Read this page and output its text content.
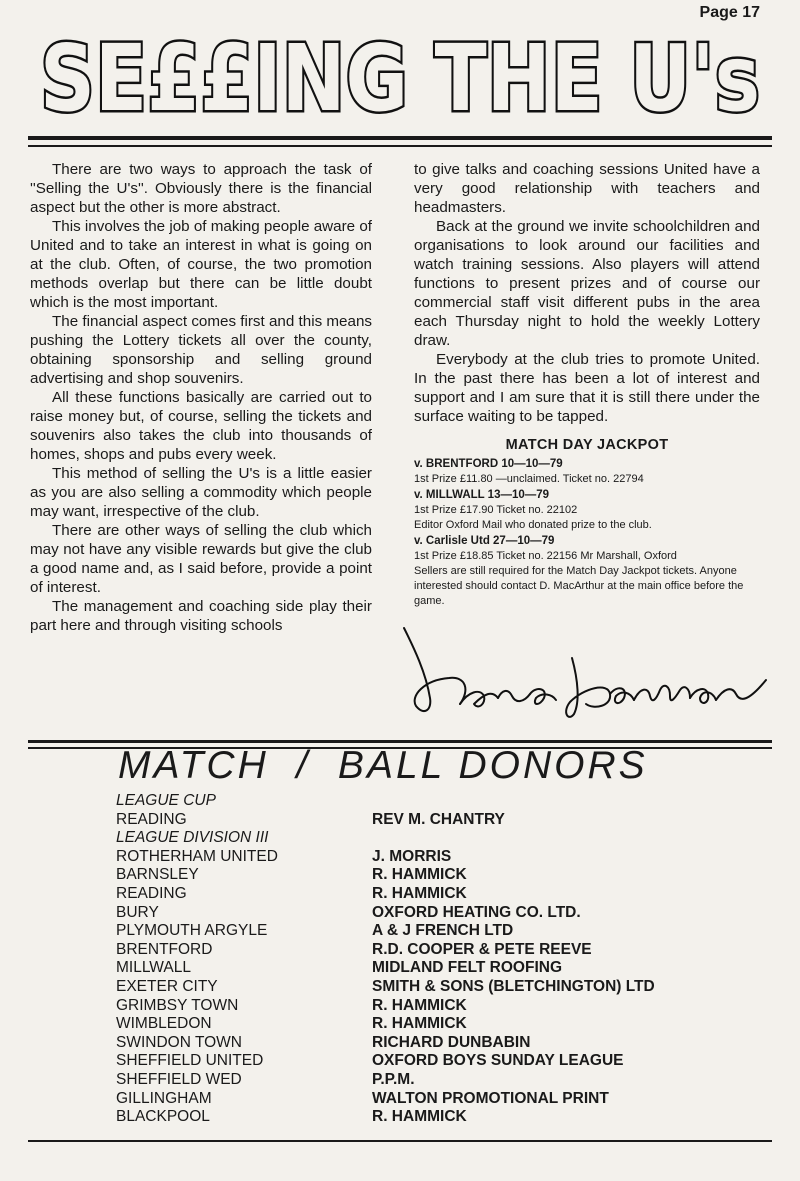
Page 17
SE££ING THE U's

There are two ways to approach the task of ''Selling the U's''. Obviously there is the financial aspect but the other is more abstract.

This involves the job of making people aware of United and to take an interest in what is going on at the club. Often, of course, the two promotion methods overlap but there can be little doubt which is the most important.

The financial aspect comes first and this means pushing the Lottery tickets all over the county, obtaining sponsorship and selling ground advertising and shop souvenirs.

All these functions basically are carried out to raise money but, of course, selling the tickets and souvenirs also takes the club into thousands of homes, shops and pubs every week.

This method of selling the U's is a little easier as you are also selling a commodity which people may want, irrespective of the club.

There are other ways of selling the club which may not have any visible rewards but give the club a good name and, as I said before, provide a point of interest.

The management and coaching side play their part here and through visiting schools

to give talks and coaching sessions United have a very good relationship with teachers and headmasters.

Back at the ground we invite schoolchildren and organisations to look around our facilities and watch training sessions. Also players will attend functions to present prizes and of course our commercial staff visit different pubs in the area each Thursday night to hold the weekly Lottery draw.

Everybody at the club tries to promote United. In the past there has been a lot of interest and support and I am sure that it is still there under the surface waiting to be tapped.

MATCH DAY JACKPOT
v. BRENTFORD 10—10—79
1st Prize £11.80 —unclaimed. Ticket no. 22794
v. MILLWALL 13—10—79
1st Prize £17.90 Ticket no. 22102
Editor Oxford Mail who donated prize to the club.
v. Carlisle Utd 27—10—79
1st Prize £18.85 Ticket no. 22156 Mr Marshall, Oxford
Sellers are still required for the Match Day Jackpot tickets. Anyone interested should contact D. MacArthur at the main office before the game.
MATCH  /  BALL DONORS
LEAGUE CUP
READING
LEAGUE DIVISION III
ROTHERHAM UNITED
BARNSLEY
READING
BURY
PLYMOUTH ARGYLE
BRENTFORD
MILLWALL
EXETER CITY
GRIMBSY TOWN
WIMBLEDON
SWINDON TOWN
SHEFFIELD UNITED
SHEFFIELD WED
GILLINGHAM
BLACKPOOL
REV M. CHANTRY
J. MORRIS
R. HAMMICK
R. HAMMICK
OXFORD HEATING CO. LTD.
A & J FRENCH LTD
R.D. COOPER & PETE REEVE
MIDLAND FELT ROOFING
SMITH & SONS (BLETCHINGTON) LTD
R. HAMMICK
R. HAMMICK
RICHARD DUNBABIN
OXFORD BOYS SUNDAY LEAGUE
P.P.M.
WALTON PROMOTIONAL PRINT
R. HAMMICK
